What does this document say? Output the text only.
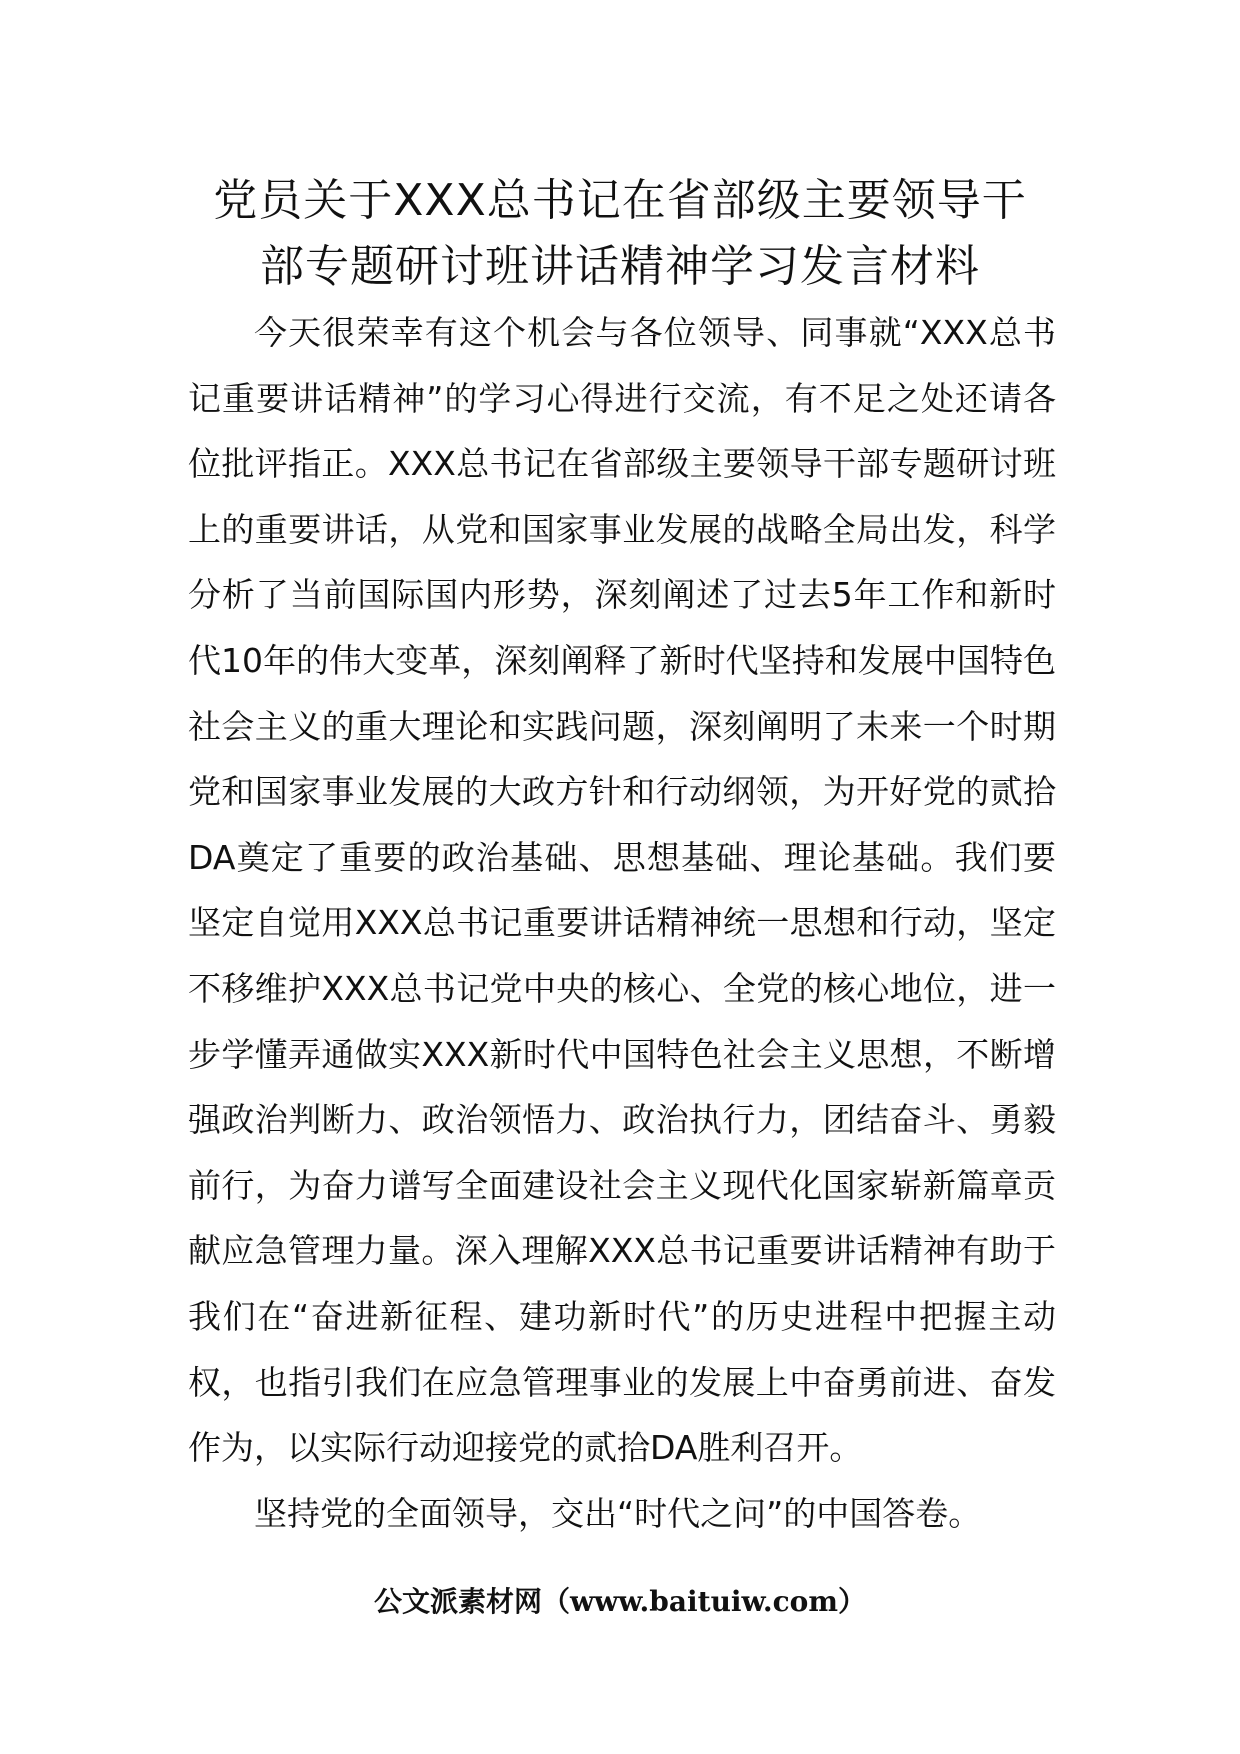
党员关于XXX总书记在省部级主要领导干
部专题研讨班讲话精神学习发言材料

今天很荣幸有这个机会与各位领导、同事就“XXX总书记重要讲话精神”的学习心得进行交流，有不足之处还请各位批评指正。XXX总书记在省部级主要领导干部专题研讨班上的重要讲话，从党和国家事业发展的战略全局出发，科学分析了当前国际国内形势，深刻阐述了过去5年工作和新时代10年的伟大变革，深刻阐释了新时代坚持和发展中国特色社会主义的重大理论和实践问题，深刻阐明了未来一个时期党和国家事业发展的大政方针和行动纲领，为开好党的贰拾DA奠定了重要的政治基础、思想基础、理论基础。我们要坚定自觉用XXX总书记重要讲话精神统一思想和行动，坚定不移维护XXX总书记党中央的核心、全党的核心地位，进一步学懂弄通做实XXX新时代中国特色社会主义思想，不断增强政治判断力、政治领悟力、政治执行力，团结奋斗、勇毅前行，为奋力谱写全面建设社会主义现代化国家崭新篇章贡献应急管理力量。深入理解XXX总书记重要讲话精神有助于我们在“奋进新征程、建功新时代”的历史进程中把握主动权，也指引我们在应急管理事业的发展上中奋勇前进、奋发作为，以实际行动迎接党的贰拾DA胜利召开。

坚持党的全面领导，交出“时代之问”的中国答卷。

公文派素材网（www.baituiw.com）
